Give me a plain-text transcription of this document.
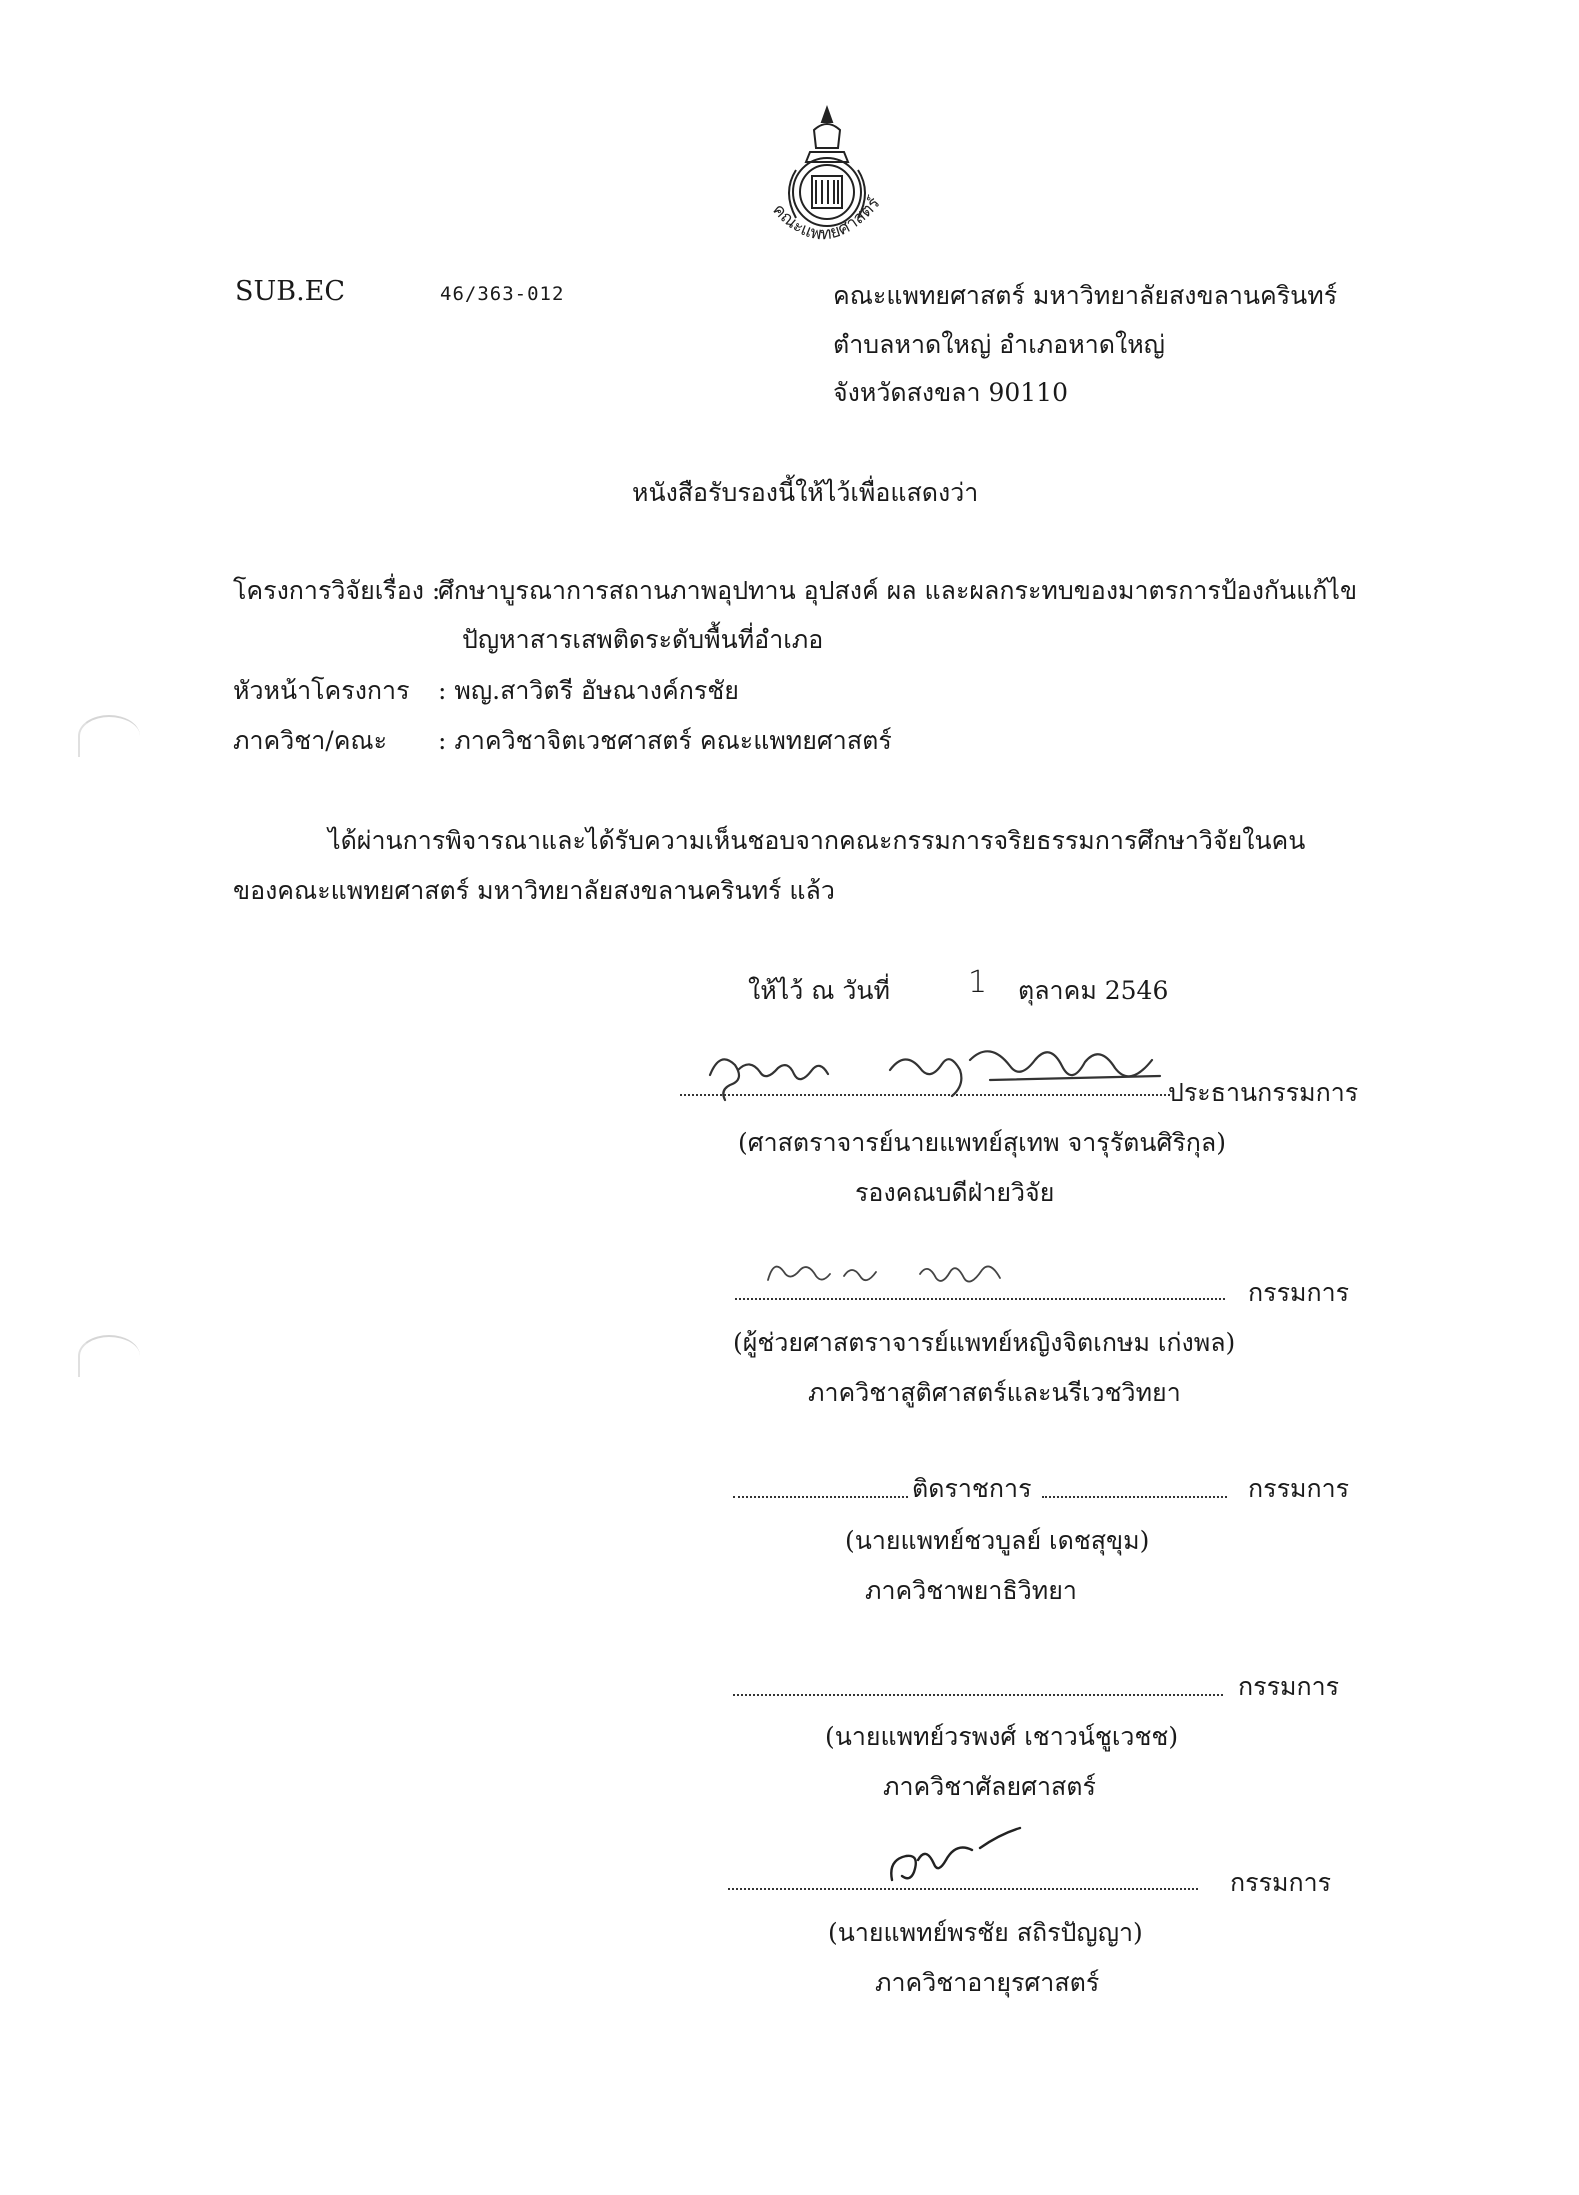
คณะแพทยศาสตร์
SUB.EC	46/363-012	คณะแพทยศาสตร์ มหาวิทยาลัยสงขลานครินทร์
ตำบลหาดใหญ่ อำเภอหาดใหญ่
จังหวัดสงขลา 90110
หนังสือรับรองนี้ให้ไว้เพื่อแสดงว่า
โครงการวิจัยเรื่อง :
ศึกษาบูรณาการสถานภาพอุปทาน อุปสงค์ ผล และผลกระทบของมาตรการป้องกันแก้ไข
ปัญหาสารเสพติดระดับพื้นที่อำเภอ
หัวหน้าโครงการ : พญ.สาวิตรี อัษณางค์กรชัย
ภาควิชา/คณะ : ภาควิชาจิตเวชศาสตร์ คณะแพทยศาสตร์
ได้ผ่านการพิจารณาและได้รับความเห็นชอบจากคณะกรรมการจริยธรรมการศึกษาวิจัยในคน
ของคณะแพทยศาสตร์ มหาวิทยาลัยสงขลานครินทร์ แล้ว
ให้ไว้ ณ วันที่	1 ตุลาคม 2546
ประธานกรรมการ
(ศาสตราจารย์นายแพทย์สุเทพ จารุรัตนศิริกุล)
รองคณบดีฝ่ายวิจัย
กรรมการ
(ผู้ช่วยศาสตราจารย์แพทย์หญิงจิตเกษม เก่งพล)
ภาควิชาสูติศาสตร์และนรีเวชวิทยา
ติดราชการ	กรรมการ
(นายแพทย์ชวบูลย์ เดชสุขุม)
ภาควิชาพยาธิวิทยา
กรรมการ
(นายแพทย์วรพงศ์ เชาวน์ชูเวชช)
ภาควิชาศัลยศาสตร์
กรรมการ
(นายแพทย์พรชัย สถิรปัญญา)
ภาควิชาอายุรศาสตร์
